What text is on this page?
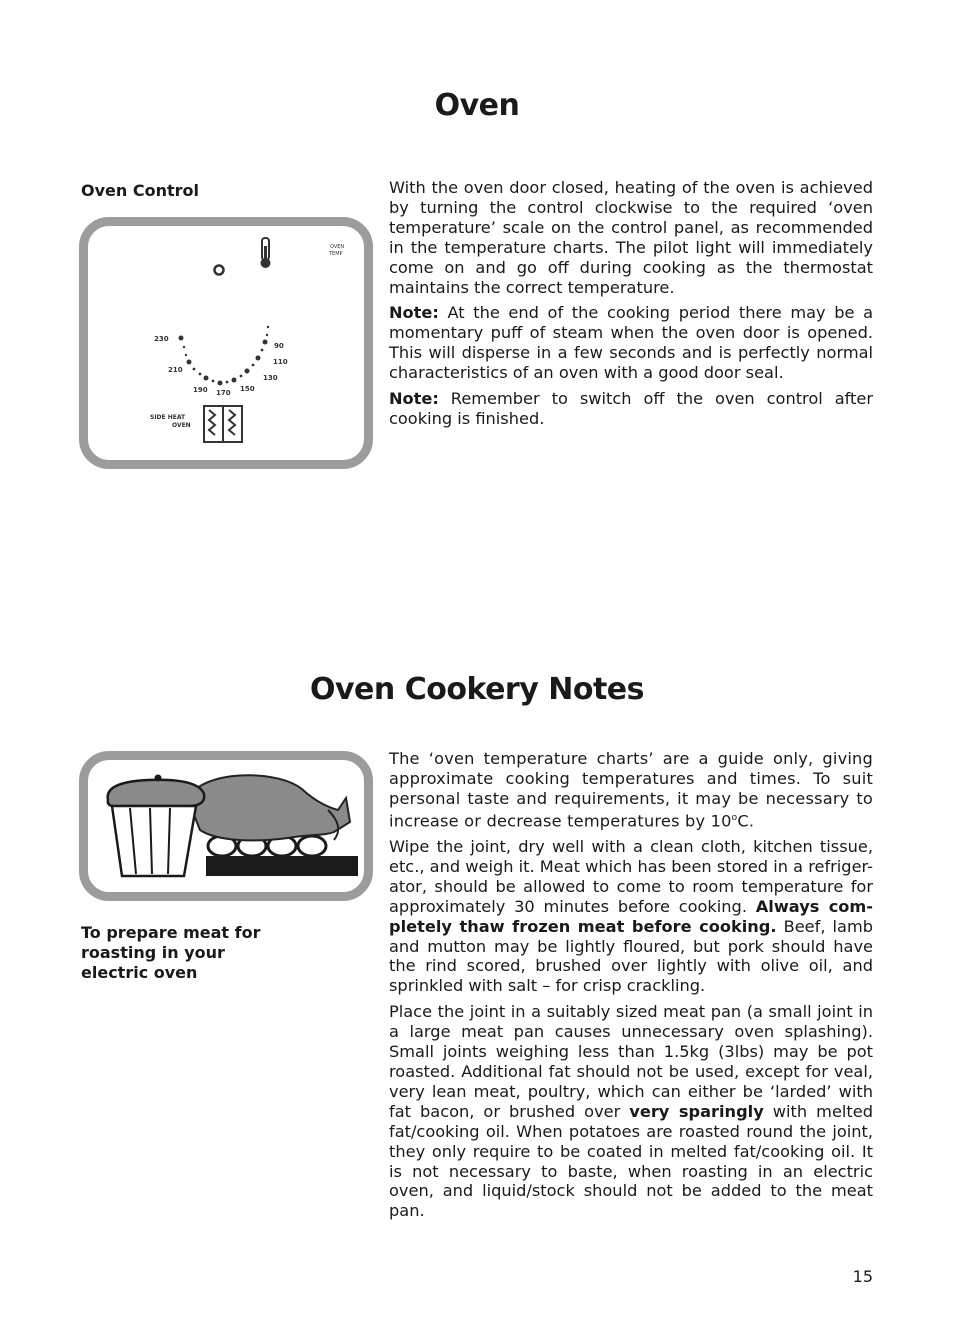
Oven
Oven Control
OVEN
TEMP
230
210
190 170 150
130
110
90
SIDE HEAT
OVEN

With the oven door closed, heating of the oven is achieved by turning the control clockwise to the required ‘oven temperature’ scale on the control panel, as recommended in the temperature charts. The pilot light will immediately come on and go off during cooking as the thermostat maintains the correct temperature.

Note: At the end of the cooking period there may be a momentary puff of steam when the oven door is opened. This will disperse in a few seconds and is perfectly normal characteristics of an oven with a good door seal.

Note: Remember to switch off the oven control after cooking is finished.

Oven Cookery Notes
To prepare meat for roasting in your electric oven

The ‘oven temperature charts’ are a guide only, giving approximate cooking temperatures and times. To suit personal taste and requirements, it may be necessary to increase or decrease temperatures by 10$^o$C.

Wipe the joint, dry well with a clean cloth, kitchen tissue, etc., and weigh it. Meat which has been stored in a refriger-ator, should be allowed to come to room temperature for approximately 30 minutes before cooking. Always com-pletely thaw frozen meat before cooking. Beef, lamb and mutton may be lightly floured, but pork should have the rind scored, brushed over lightly with olive oil, and sprinkled with salt – for crisp crackling.

Place the joint in a suitably sized meat pan (a small joint in a large meat pan causes unnecessary oven splashing). Small joints weighing less than 1.5kg (3lbs) may be pot roasted. Additional fat should not be used, except for veal, very lean meat, poultry, which can either be ‘larded’ with fat bacon, or brushed over very sparingly with melted fat/cooking oil. When potatoes are roasted round the joint, they only require to be coated in melted fat/cooking oil. It is not necessary to baste, when roasting in an electric oven, and liquid/stock should not be added to the meat pan.

15
